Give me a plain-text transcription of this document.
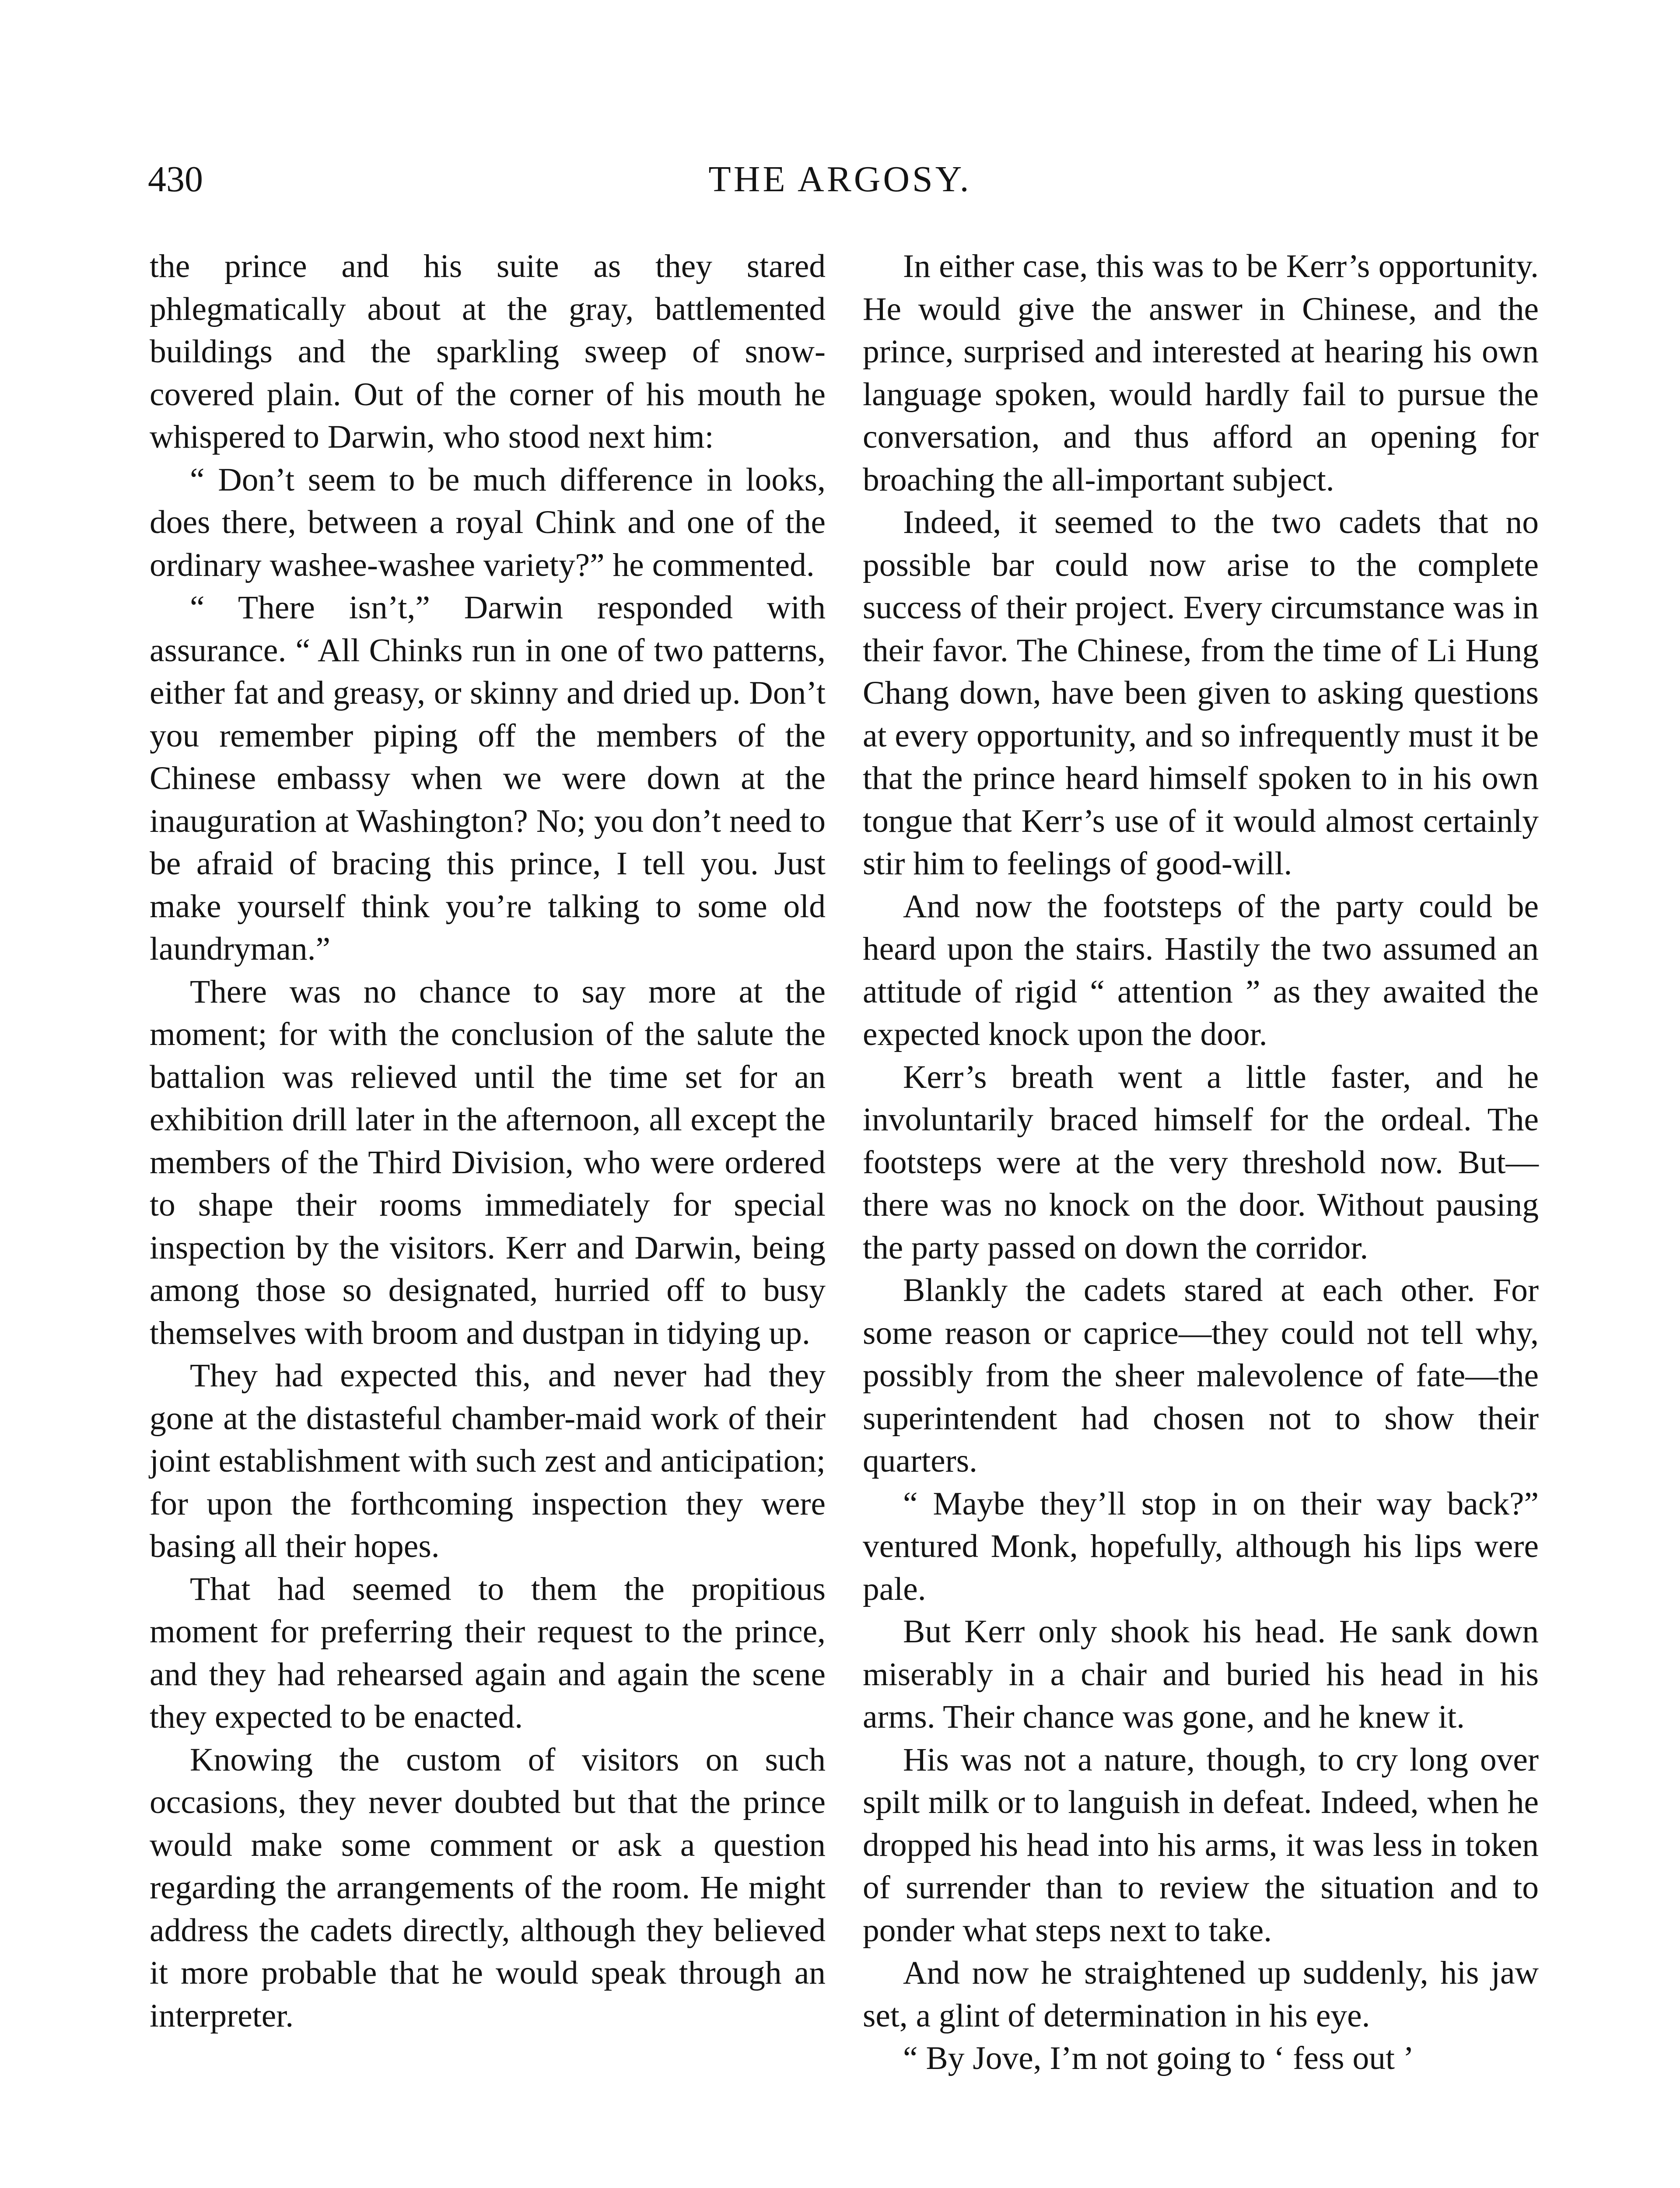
430	THE ARGOSY.

the prince and his suite as they stared phlegmatically about at the gray, battlemented buildings and the sparkling sweep of snow-covered plain. Out of the corner of his mouth he whispered to Darwin, who stood next him:

“ Don’t seem to be much difference in looks, does there, between a royal Chink and one of the ordinary washee-washee variety?” he commented.

“ There isn’t,” Darwin responded with assurance. “ All Chinks run in one of two patterns, either fat and greasy, or skinny and dried up. Don’t you remember piping off the members of the Chinese embassy when we were down at the inauguration at Washington? No; you don’t need to be afraid of bracing this prince, I tell you. Just make yourself think you’re talking to some old laundryman.”

There was no chance to say more at the moment; for with the conclusion of the salute the battalion was relieved until the time set for an exhibition drill later in the afternoon, all except the members of the Third Division, who were ordered to shape their rooms immediately for special inspection by the visitors. Kerr and Darwin, being among those so designated, hurried off to busy themselves with broom and dustpan in tidying up.

They had expected this, and never had they gone at the distasteful chamber-maid work of their joint establishment with such zest and anticipation; for upon the forthcoming inspection they were basing all their hopes.

That had seemed to them the propitious moment for preferring their request to the prince, and they had rehearsed again and again the scene they expected to be enacted.

Knowing the custom of visitors on such occasions, they never doubted but that the prince would make some comment or ask a question regarding the arrangements of the room. He might address the cadets directly, although they believed it more probable that he would speak through an interpreter.

In either case, this was to be Kerr’s opportunity. He would give the answer in Chinese, and the prince, surprised and interested at hearing his own language spoken, would hardly fail to pursue the conversation, and thus afford an opening for broaching the all-important subject.

Indeed, it seemed to the two cadets that no possible bar could now arise to the complete success of their project. Every circumstance was in their favor. The Chinese, from the time of Li Hung Chang down, have been given to asking questions at every opportunity, and so infrequently must it be that the prince heard himself spoken to in his own tongue that Kerr’s use of it would almost certainly stir him to feelings of good-will.

And now the footsteps of the party could be heard upon the stairs. Hastily the two assumed an attitude of rigid “ attention ” as they awaited the expected knock upon the door.

Kerr’s breath went a little faster, and he involuntarily braced himself for the ordeal. The footsteps were at the very threshold now. But—there was no knock on the door. Without pausing the party passed on down the corridor.

Blankly the cadets stared at each other. For some reason or caprice—they could not tell why, possibly from the sheer malevolence of fate—the superintendent had chosen not to show their quarters.

“ Maybe they’ll stop in on their way back?” ventured Monk, hopefully, although his lips were pale.

But Kerr only shook his head. He sank down miserably in a chair and buried his head in his arms. Their chance was gone, and he knew it.

His was not a nature, though, to cry long over spilt milk or to languish in defeat. Indeed, when he dropped his head into his arms, it was less in token of surrender than to review the situation and to ponder what steps next to take.

And now he straightened up suddenly, his jaw set, a glint of determination in his eye.

“ By Jove, I’m not going to ‘ fess out ’
